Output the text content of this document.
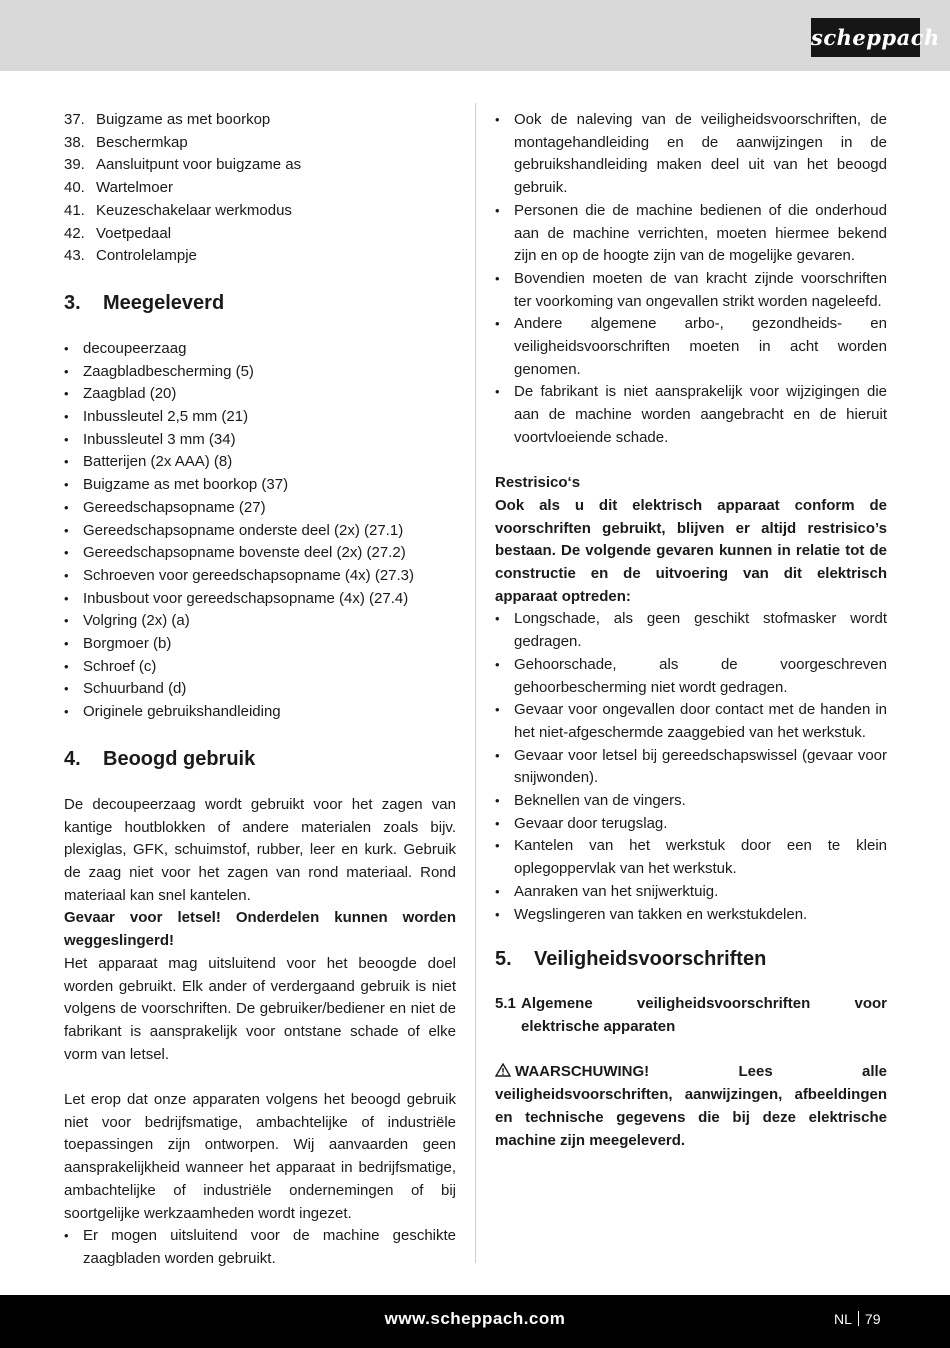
scheppach
37. Buigzame as met boorkop
38. Beschermkap
39. Aansluitpunt voor buigzame as
40. Wartelmoer
41. Keuzeschakelaar werkmodus
42. Voetpedaal
43. Controlelampje
3.	Meegeleverd
• decoupeerzaag
• Zaagbladbescherming (5)
• Zaagblad (20)
• Inbussleutel 2,5 mm (21)
• Inbussleutel 3 mm (34)
• Batterijen (2x AAA) (8)
• Buigzame as met boorkop (37)
• Gereedschapsopname (27)
• Gereedschapsopname onderste deel (2x) (27.1)
• Gereedschapsopname bovenste deel (2x) (27.2)
• Schroeven voor gereedschapsopname (4x) (27.3)
• Inbusbout voor gereedschapsopname (4x) (27.4)
• Volgring (2x) (a)
• Borgmoer (b)
• Schroef (c)
• Schuurband (d)
• Originele gebruikshandleiding
4.	Beoogd gebruik

De decoupeerzaag wordt gebruikt voor het zagen van kantige houtblokken of andere materialen zoals bijv. plexiglas, GFK, schuimstof, rubber, leer en kurk. Gebruik de zaag niet voor het zagen van rond materiaal. Rond materiaal kan snel kantelen.

Gevaar voor letsel! Onderdelen kunnen worden weggeslingerd!

Het apparaat mag uitsluitend voor het beoogde doel worden gebruikt. Elk ander of verdergaand gebruik is niet volgens de voorschriften. De gebruiker/bediener en niet de fabrikant is aansprakelijk voor ontstane schade of elke vorm van letsel.

Let erop dat onze apparaten volgens het beoogd gebruik niet voor bedrijfsmatige, ambachtelijke of industriële toepassingen zijn ontworpen. Wij aanvaarden geen aansprakelijkheid wanneer het apparaat in bedrijfsmatige, ambachtelijke of industriële ondernemingen of bij soortgelijke werkzaamheden wordt ingezet.

• Er mogen uitsluitend voor de machine geschikte zaagbladen worden gebruikt.
• Ook de naleving van de veiligheidsvoorschriften, de montagehandleiding en de aanwijzingen in de gebruikshandleiding maken deel uit van het beoogd gebruik.
• Personen die de machine bedienen of die onderhoud aan de machine verrichten, moeten hiermee bekend zijn en op de hoogte zijn van de mogelijke gevaren.
• Bovendien moeten de van kracht zijnde voorschriften ter voorkoming van ongevallen strikt worden nageleefd.
• Andere algemene arbo-, gezondheids- en veiligheidsvoorschriften moeten in acht worden genomen.
• De fabrikant is niet aansprakelijk voor wijzigingen die aan de machine worden aangebracht en de hieruit voortvloeiende schade.

Restrisico‘s

Ook als u dit elektrisch apparaat conform de voorschriften gebruikt, blijven er altijd restrisico’s bestaan. De volgende gevaren kunnen in relatie tot de constructie en de uitvoering van dit elektrisch apparaat optreden:

• Longschade, als geen geschikt stofmasker wordt gedragen.
• Gehoorschade, als de voorgeschreven gehoorbescherming niet wordt gedragen.
• Gevaar voor ongevallen door contact met de handen in het niet-afgeschermde zaaggebied van het werkstuk.
• Gevaar voor letsel bij gereedschapswissel (gevaar voor snijwonden).
• Beknellen van de vingers.
• Gevaar door terugslag.
• Kantelen van het werkstuk door een te klein oplegoppervlak van het werkstuk.
• Aanraken van het snijwerktuig.
• Wegslingeren van takken en werkstukdelen.
5.	Veiligheidsvoorschriften
5.1 Algemene veiligheidsvoorschriften voor elektrische apparaten

WAARSCHUWING! Lees alle veiligheidsvoorschriften, aanwijzingen, afbeeldingen en technische gegevens die bij deze elektrische machine zijn meegeleverd.

www.scheppach.com	NL 79
